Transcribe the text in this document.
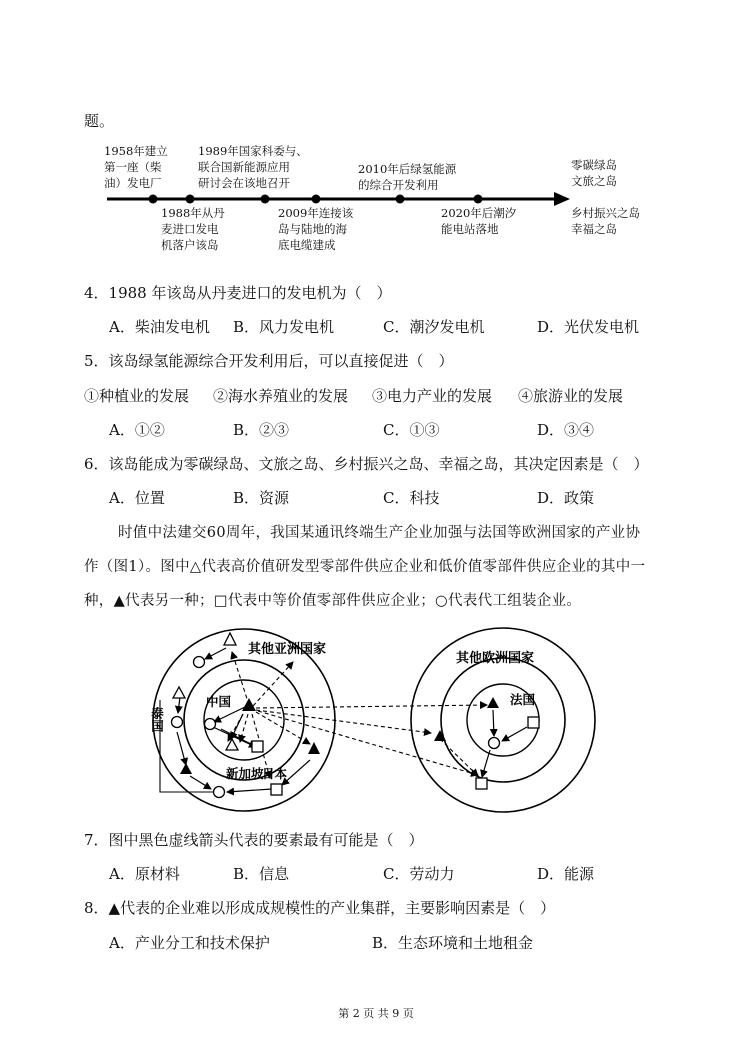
题。
1958年建立
第一座（柴
油）发电厂
1989年国家科委与、
联合国新能源应用
研讨会在该地召开
2010年后绿氢能源
的综合开发利用
零碳绿岛
文旅之岛
1988年从丹
麦进口发电
机落户该岛
2009年连接该
岛与陆地的海
底电缆建成
2020年后潮汐
能电站落地
乡村振兴之岛
幸福之岛
4．1988 年该岛从丹麦进口的发电机为（　）
A．柴油发电机 B．风力发电机	C．潮汐发电机	D．光伏发电机
5．该岛绿氢能源综合开发利用后，可以直接促进（　）
①种植业的发展 ②海水养殖业的发展 ③电力产业的发展 ④旅游业的发展
A．①②	B．②③	C．①③	D．③④
6．该岛能成为零碳绿岛、文旅之岛、乡村振兴之岛、幸福之岛，其决定因素是（　）
A．位置	B．资源	C．科技	D．政策
时值中法建交60周年，我国某通讯终端生产企业加强与法国等欧洲国家的产业协
作（图1）。图中△代表高价值研发型零部件供应企业和低价值零部件供应企业的其中一
种，▲代表另一种；□代表中等价值零部件供应企业；○代表代工组装企业。
其他亚洲国家
其他欧洲国家
中国	法国
新加坡
日本
泰国
7．图中黑色虚线箭头代表的要素最有可能是（　）
A．原材料	B．信息	C．劳动力	D．能源
8．▲代表的企业难以形成成规模性的产业集群，主要影响因素是（　）
A．产业分工和技术保护	B．生态环境和土地租金
第 2 页 共 9 页
